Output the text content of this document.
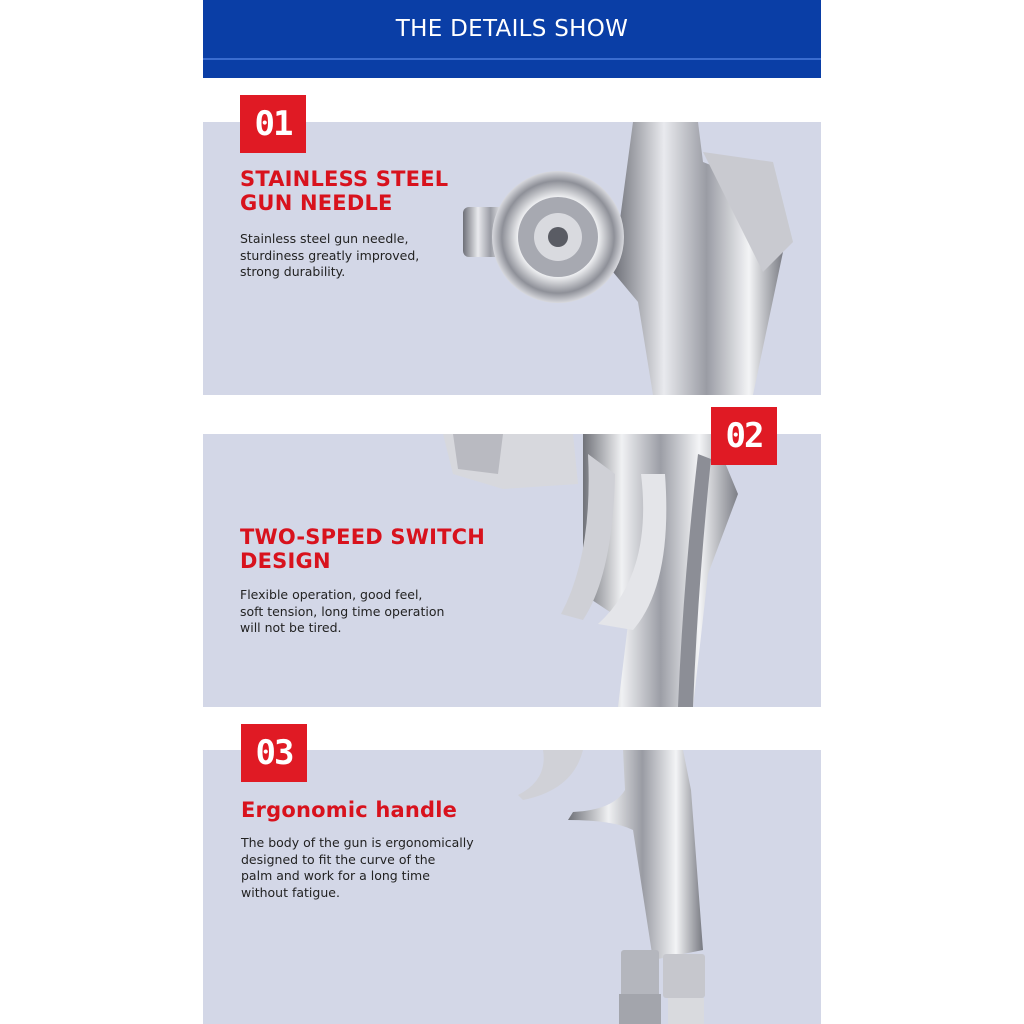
THE DETAILS SHOW
01
STAINLESS STEEL
GUN NEEDLE
Stainless steel gun needle,
sturdiness greatly improved,
strong durability.
02
TWO-SPEED SWITCH
DESIGN
Flexible operation, good feel,
soft tension, long time operation
will not be tired.
03
Ergonomic handle
The body of the gun is ergonomically
designed to fit the curve of the
palm and work for a long time
without fatigue.
